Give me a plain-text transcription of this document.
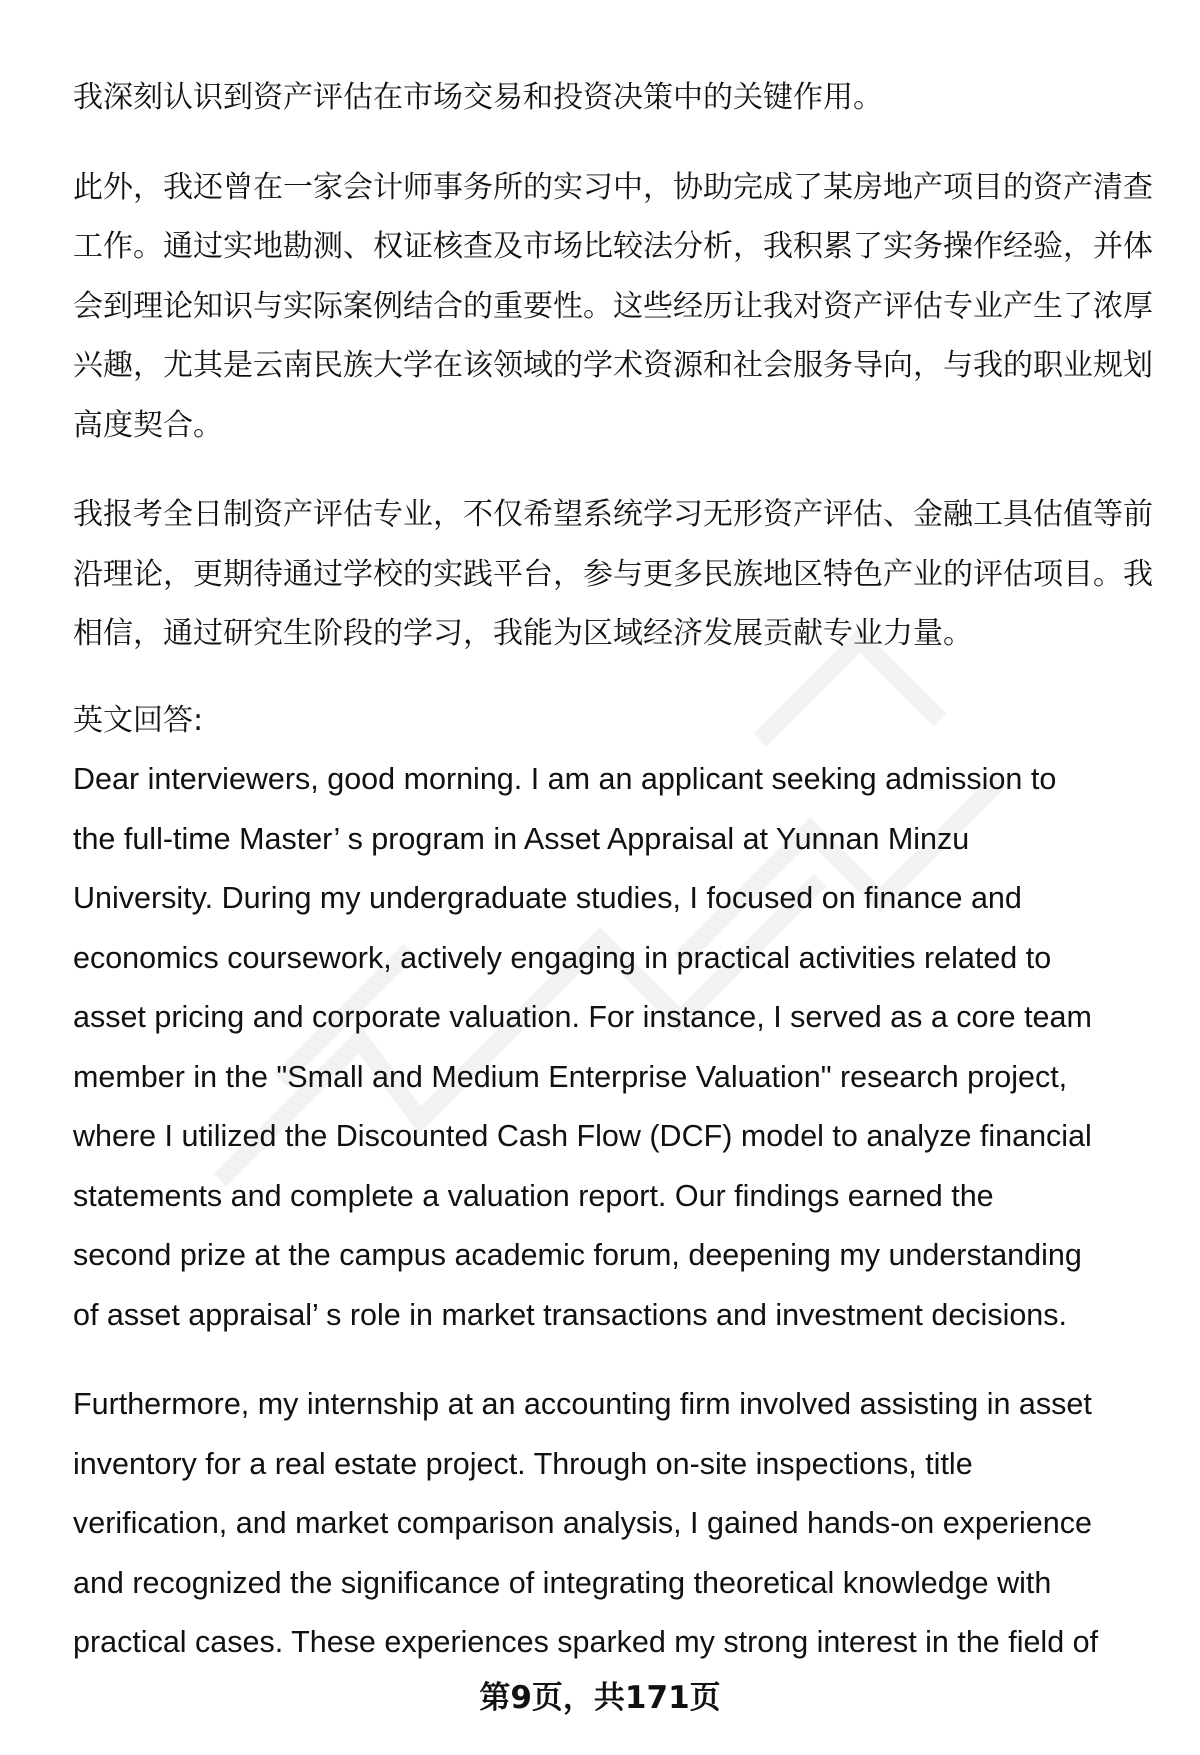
我深刻认识到资产评估在市场交易和投资决策中的关键作用。

此外，我还曾在一家会计师事务所的实习中，协助完成了某房地产项目的资产清查
工作。通过实地勘测、权证核查及市场比较法分析，我积累了实务操作经验，并体
会到理论知识与实际案例结合的重要性。这些经历让我对资产评估专业产生了浓厚
兴趣，尤其是云南民族大学在该领域的学术资源和社会服务导向，与我的职业规划
高度契合。

我报考全日制资产评估专业，不仅希望系统学习无形资产评估、金融工具估值等前
沿理论，更期待通过学校的实践平台，参与更多民族地区特色产业的评估项目。我
相信，通过研究生阶段的学习，我能为区域经济发展贡献专业力量。

英文回答:
Dear interviewers, good morning. I am an applicant seeking admission to
the full-time Master’ s program in Asset Appraisal at Yunnan Minzu
University. During my undergraduate studies, I focused on finance and
economics coursework, actively engaging in practical activities related to
asset pricing and corporate valuation. For instance, I served as a core team
member in the "Small and Medium Enterprise Valuation" research project,
where I utilized the Discounted Cash Flow (DCF) model to analyze financial
statements and complete a valuation report. Our findings earned the
second prize at the campus academic forum, deepening my understanding
of asset appraisal’ s role in market transactions and investment decisions.

Furthermore, my internship at an accounting firm involved assisting in asset
inventory for a real estate project. Through on-site inspections, title
verification, and market comparison analysis, I gained hands-on experience
and recognized the significance of integrating theoretical knowledge with
practical cases. These experiences sparked my strong interest in the field of

第9页，共171页
